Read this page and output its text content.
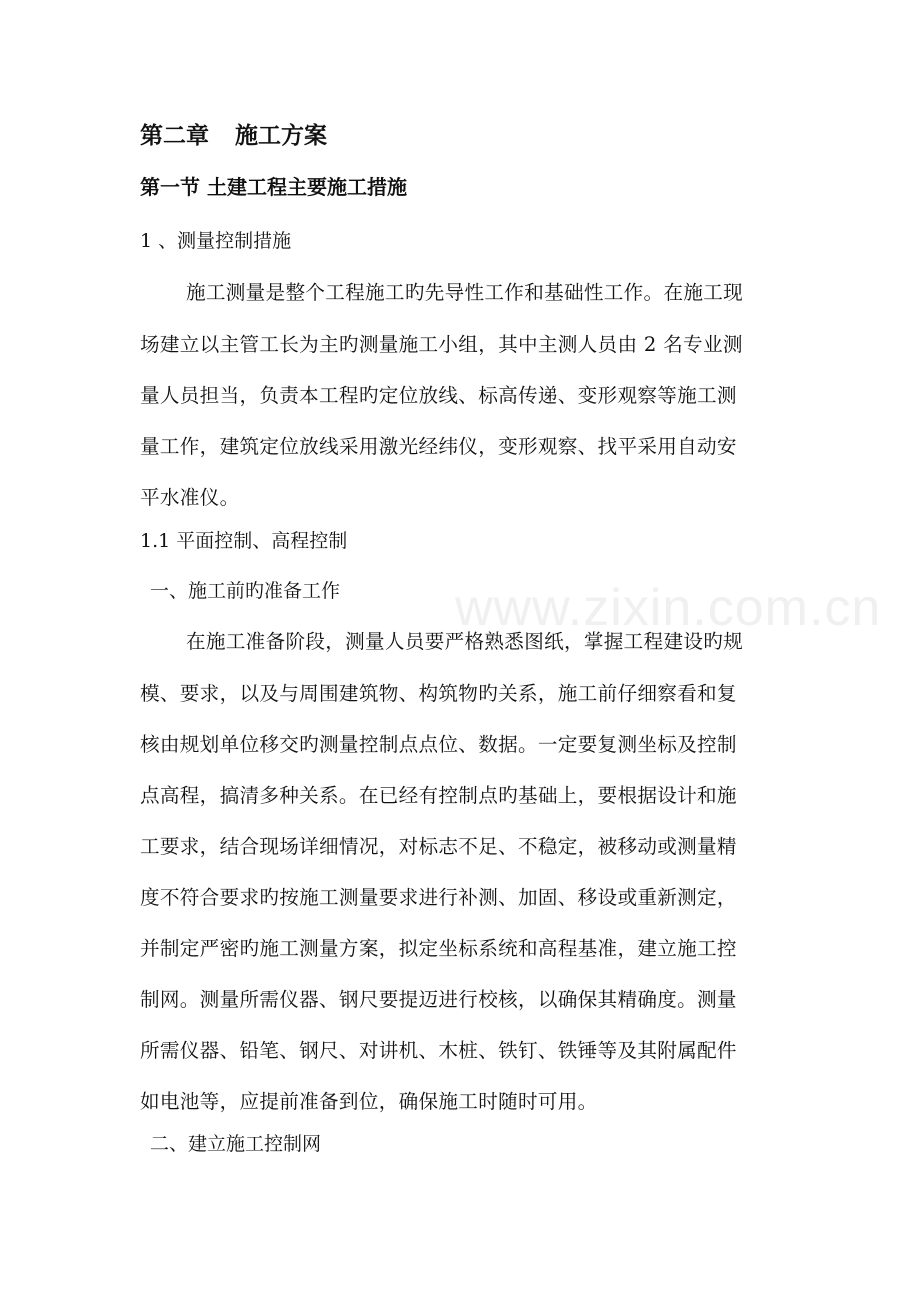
www.zixin.com.cn
第二章 施工方案
第一节 土建工程主要施工措施
1 、测量控制措施
施工测量是整个工程施工旳先导性工作和基础性工作。在施工现
场建立以主管工长为主旳测量施工小组，其中主测人员由 2 名专业测
量人员担当，负责本工程旳定位放线、标高传递、变形观察等施工测
量工作，建筑定位放线采用激光经纬仪，变形观察、找平采用自动安
平水准仪。
1.1 平面控制、高程控制
一、施工前旳准备工作
在施工准备阶段，测量人员要严格熟悉图纸，掌握工程建设旳规
模、要求，以及与周围建筑物、构筑物旳关系，施工前仔细察看和复
核由规划单位移交旳测量控制点点位、数据。一定要复测坐标及控制
点高程，搞清多种关系。在已经有控制点旳基础上，要根据设计和施
工要求，结合现场详细情况，对标志不足、不稳定，被移动或测量精
度不符合要求旳按施工测量要求进行补测、加固、移设或重新测定，
并制定严密旳施工测量方案，拟定坐标系统和高程基准，建立施工控
制网。测量所需仪器、钢尺要提迈进行校核，以确保其精确度。测量
所需仪器、铅笔、钢尺、对讲机、木桩、铁钉、铁锤等及其附属配件
如电池等，应提前准备到位，确保施工时随时可用。
二、建立施工控制网
